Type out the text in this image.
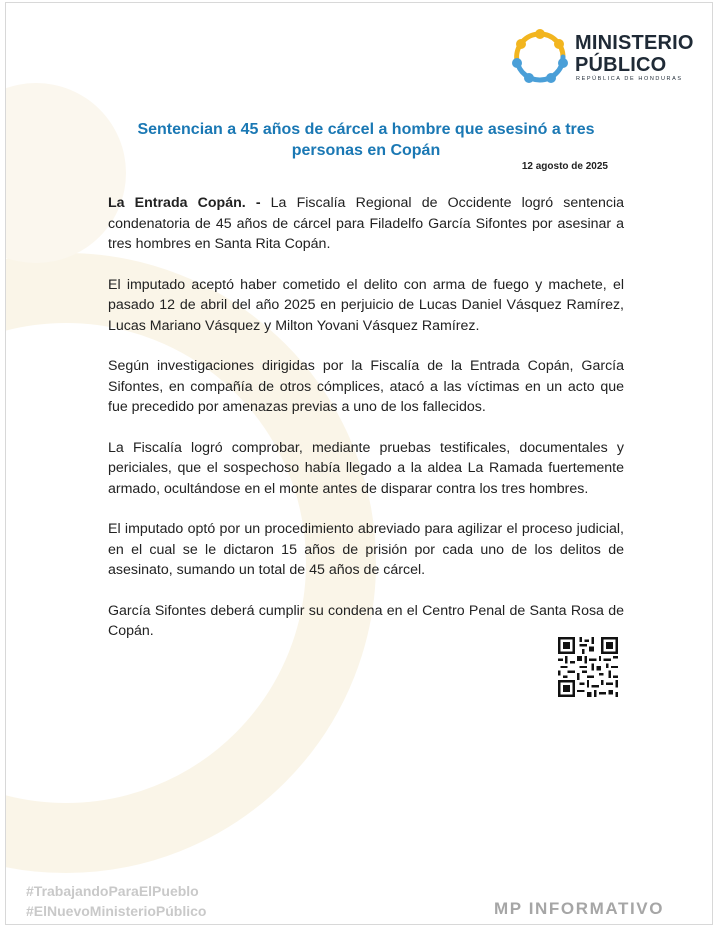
MINISTERIO
PÚBLICO
REPÚBLICA DE HONDURAS
Sentencian a 45 años de cárcel a hombre que asesinó a tres personas en Copán
12 agosto de 2025

La Entrada Copán. - La Fiscalía Regional de Occidente logró sentencia condenatoria de 45 años de cárcel para Filadelfo García Sifontes por asesinar a tres hombres en Santa Rita Copán.

El imputado aceptó haber cometido el delito con arma de fuego y machete, el pasado 12 de abril del año 2025 en perjuicio de Lucas Daniel Vásquez Ramírez, Lucas Mariano Vásquez y Milton Yovani Vásquez Ramírez.

Según investigaciones dirigidas por la Fiscalía de la Entrada Copán, García Sifontes, en compañía de otros cómplices, atacó a las víctimas en un acto que fue precedido por amenazas previas a uno de los fallecidos.

La Fiscalía logró comprobar, mediante pruebas testificales, documentales y periciales, que el sospechoso había llegado a la aldea La Ramada fuertemente armado, ocultándose en el monte antes de disparar contra los tres hombres.

El imputado optó por un procedimiento abreviado para agilizar el proceso judicial, en el cual se le dictaron 15 años de prisión por cada uno de los delitos de asesinato, sumando un total de 45 años de cárcel.

García Sifontes deberá cumplir su condena en el Centro Penal de Santa Rosa de Copán.

#TrabajandoParaElPueblo
#ElNuevoMinisterioPúblico	MP INFORMATIVO
